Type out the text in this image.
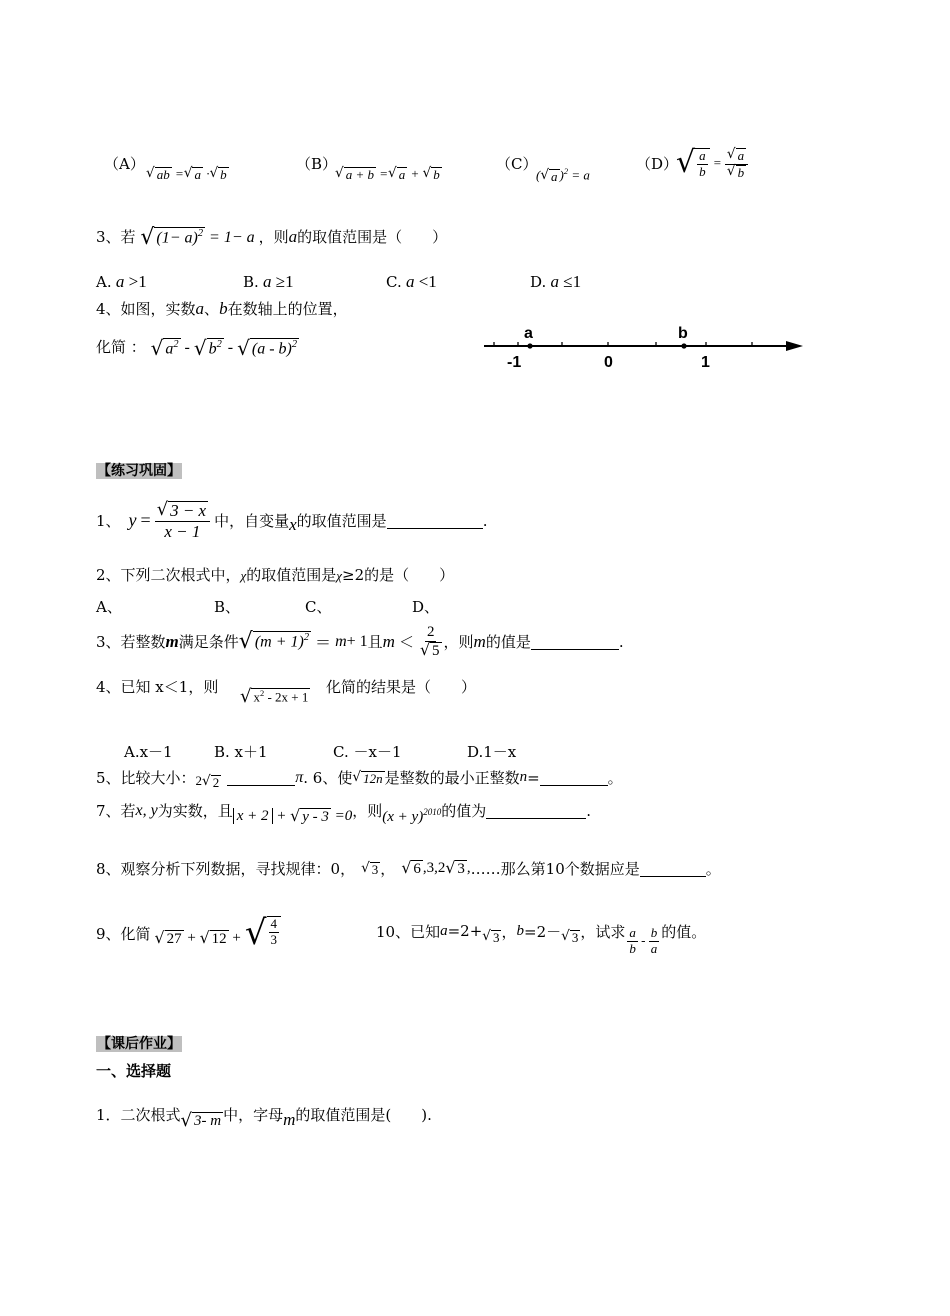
（A）
√ ab = √ a · √ b
（B）
√ a + b = √ a + √ b
（C）
( √ a )$^2$ = a
（D）
√ $\frac{a}{b} = \frac{√ a}{√ b}$
3、若 √ $(1- a)^2 = 1- a$ ，则a的取值范围是（　　）
A. a >1	B. a ≥1	C. a <1	D. a ≤1
4、如图，实数a、b在数轴上的位置，
化简 ： √ $a^2$ - √ $b^2$ - √ (a - b)$^2$
a	b
-1	0	1
【练习巩固】
1、 $y = \frac{√ 3 - x}{x - 1}$ 中，自变量 x 的取值范围是	.
2、下列二次根式中，χ的取值范围是χ≥2的是（　　）
A、	B、	C、	D、
3、若整数 m 满足条件 √ $(m + 1)^2 = m + 1$ 且 $m < \frac{2}{√ 5}$ ，则 m 的值是	.
4、已知 x＜1，则 √ $x^2 - 2x + 1$
化简的结果是（　　）
A.x－1	B. x＋1	C. －x－1	D.1－x
5、比较大小： 2 √ 2	π . 6、使 √ 12n 是整数的最小正整数 n =	。
7、若 x, y 为实数，且 x + 2 + √ y - 3 =0 ，则 $(x + y)^{2010}$ 的值为	.
8、观察分析下列数据，寻找规律：0， √ 3 ， √ 6 ,3,2 √ 3 , ……那么第10个数据应是	。
9、化简 √ 27 + √ 12 + √ $\frac{4}{3}$	10、已知 a =2+ √ 3 ， b =2－ √ 3 ，试求 $\frac{a}{b} - \frac{b}{a}$ 的值。
【课后作业】
一、选择题
1．二次根式 √ 3- m 中，字母 m 的取值范围是(　　).
